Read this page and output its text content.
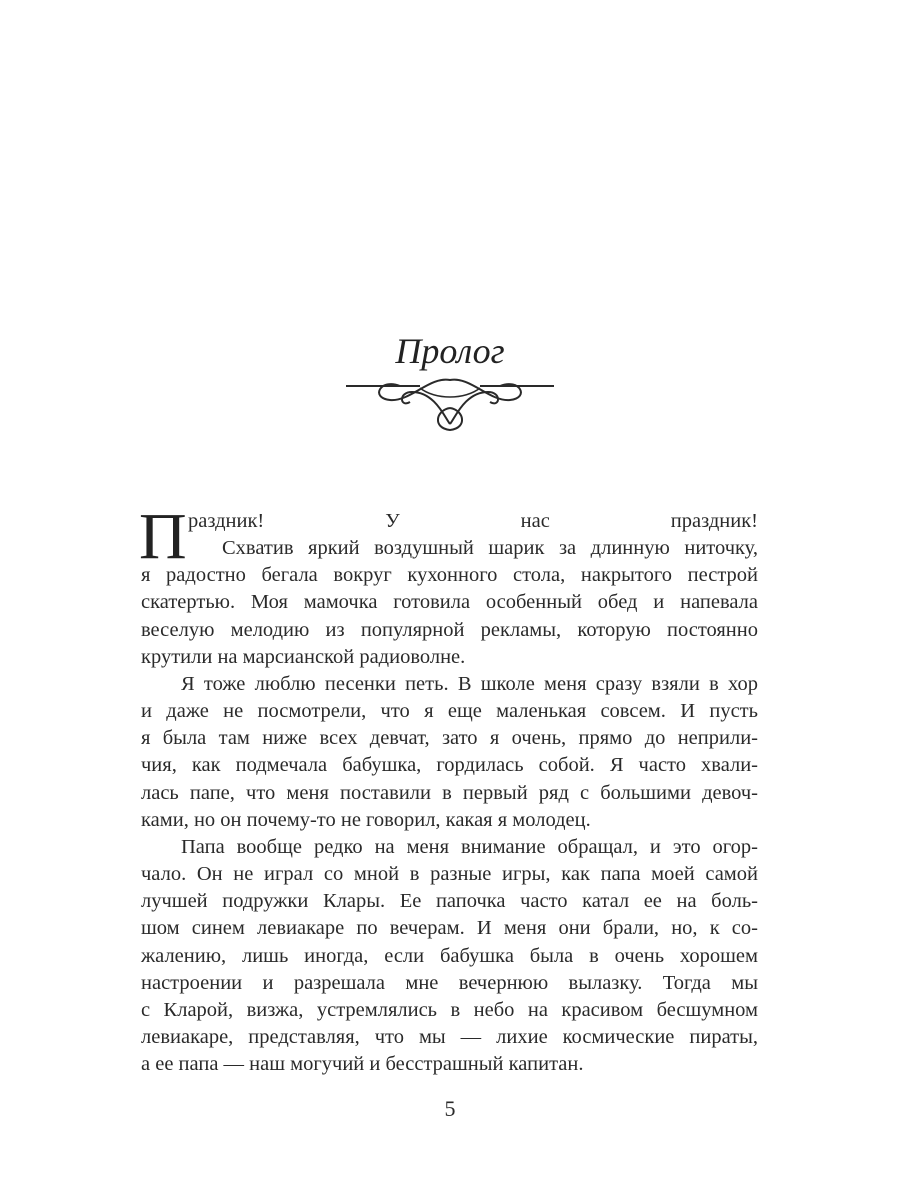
Пролог
П раздник! У нас праздник!
Схватив яркий воздушный шарик за длинную ниточку,
я радостно бегала вокруг кухонного стола, накрытого пестрой
скатертью. Моя мамочка готовила особенный обед и напевала
веселую мелодию из популярной рекламы, которую постоянно
крутили на марсианской радиоволне.
Я тоже люблю песенки петь. В школе меня сразу взяли в хор
и даже не посмотрели, что я еще маленькая совсем. И пусть
я была там ниже всех девчат, зато я очень, прямо до неприли-
чия, как подмечала бабушка, гордилась собой. Я часто хвали-
лась папе, что меня поставили в первый ряд с большими девоч-
ками, но он почему-то не говорил, какая я молодец.
Папа вообще редко на меня внимание обращал, и это огор-
чало. Он не играл со мной в разные игры, как папа моей самой
лучшей подружки Клары. Ее папочка часто катал ее на боль-
шом синем левиакаре по вечерам. И меня они брали, но, к со-
жалению, лишь иногда, если бабушка была в очень хорошем
настроении и разрешала мне вечернюю вылазку. Тогда мы
с Кларой, визжа, устремлялись в небо на красивом бесшумном
левиакаре, представляя, что мы — лихие космические пираты,
а ее папа — наш могучий и бесстрашный капитан.
5
